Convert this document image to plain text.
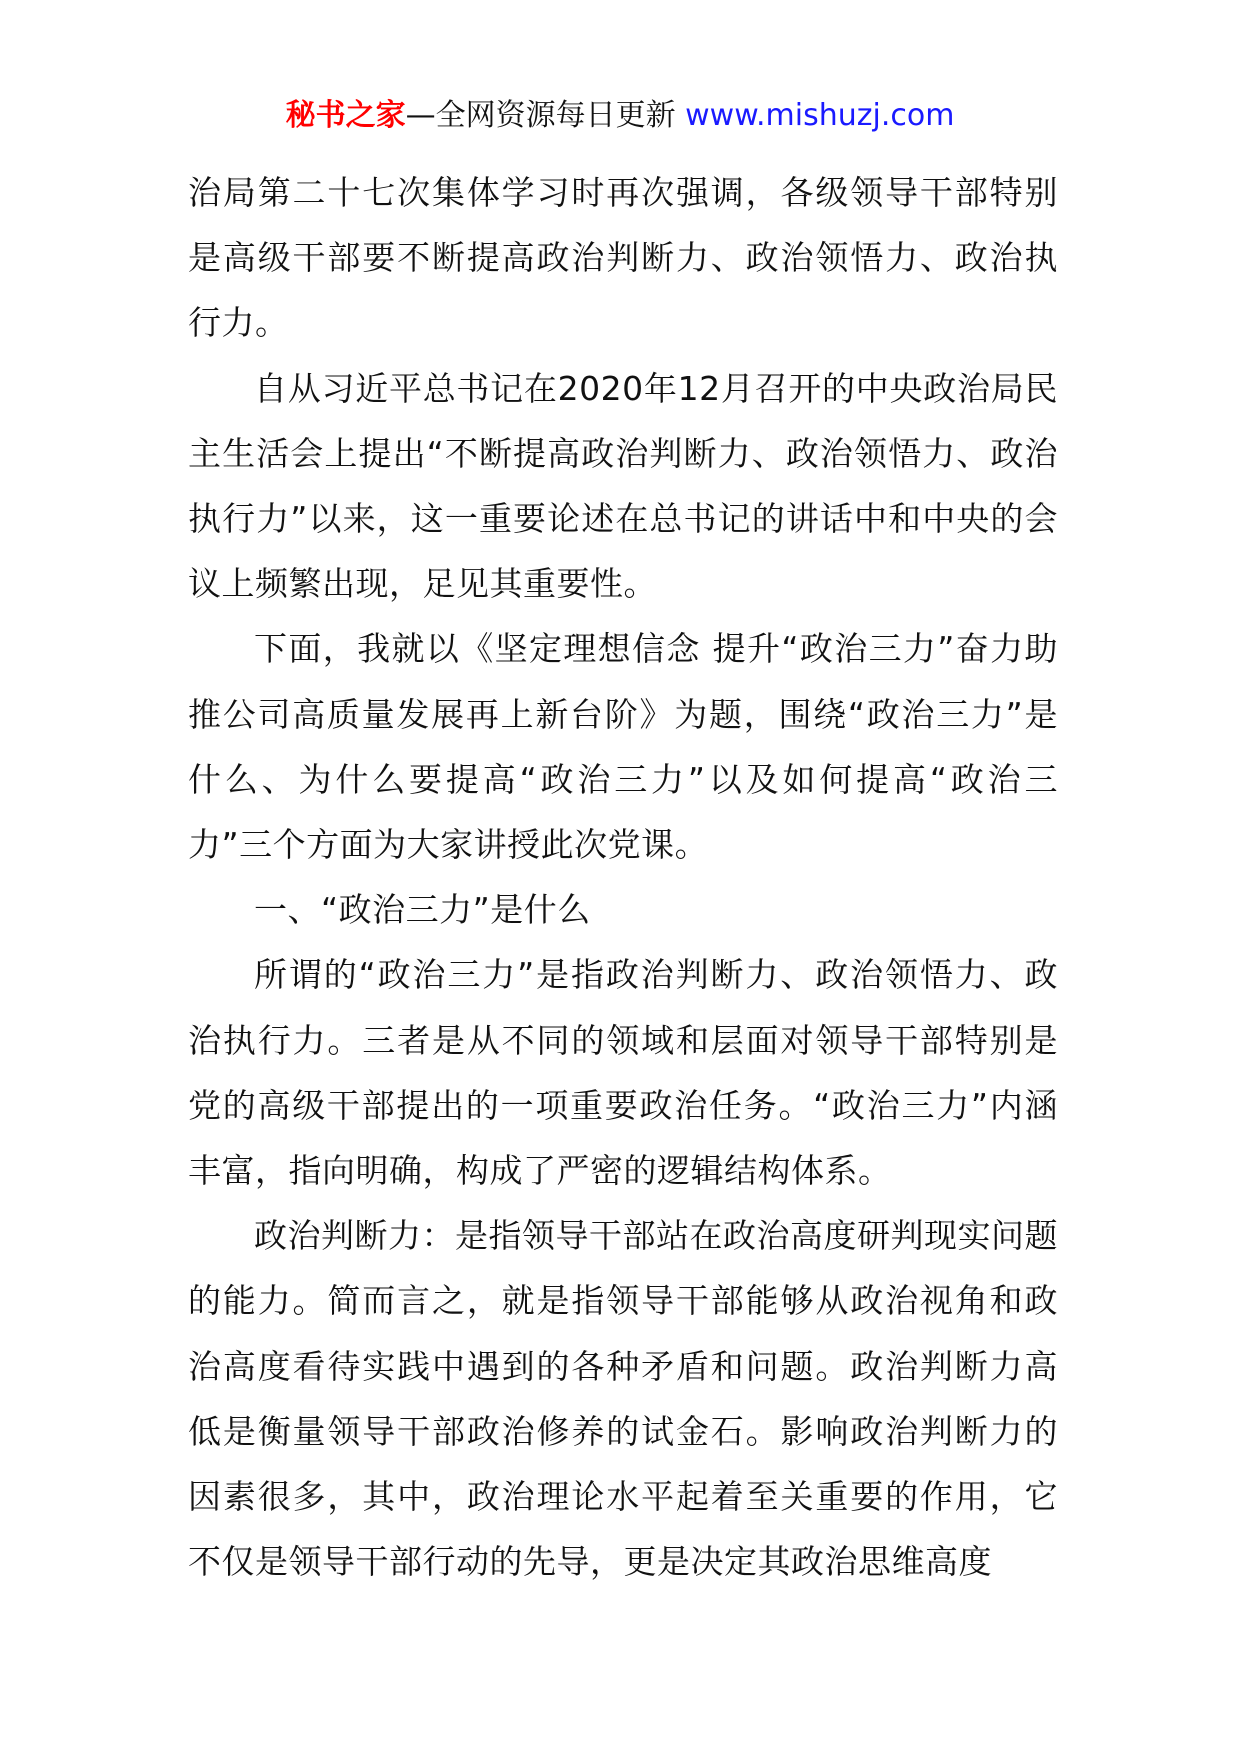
秘书之家—全网资源每日更新 www.mishuzj.com

治局第二十七次集体学习时再次强调，各级领导干部特别是高级干部要不断提高政治判断力、政治领悟力、政治执行力。

自从习近平总书记在2020年12月召开的中央政治局民主生活会上提出“不断提高政治判断力、政治领悟力、政治执行力”以来，这一重要论述在总书记的讲话中和中央的会议上频繁出现，足见其重要性。

下面，我就以《坚定理想信念 提升“政治三力”奋力助推公司高质量发展再上新台阶》为题，围绕“政治三力”是什么、为什么要提高“政治三力”以及如何提高“政治三力”三个方面为大家讲授此次党课。

一、“政治三力”是什么

所谓的“政治三力”是指政治判断力、政治领悟力、政治执行力。三者是从不同的领域和层面对领导干部特别是党的高级干部提出的一项重要政治任务。“政治三力”内涵丰富，指向明确，构成了严密的逻辑结构体系。

政治判断力：是指领导干部站在政治高度研判现实问题的能力。简而言之，就是指领导干部能够从政治视角和政治高度看待实践中遇到的各种矛盾和问题。政治判断力高低是衡量领导干部政治修养的试金石。影响政治判断力的因素很多，其中，政治理论水平起着至关重要的作用，它不仅是领导干部行动的先导，更是决定其政治思维高度
